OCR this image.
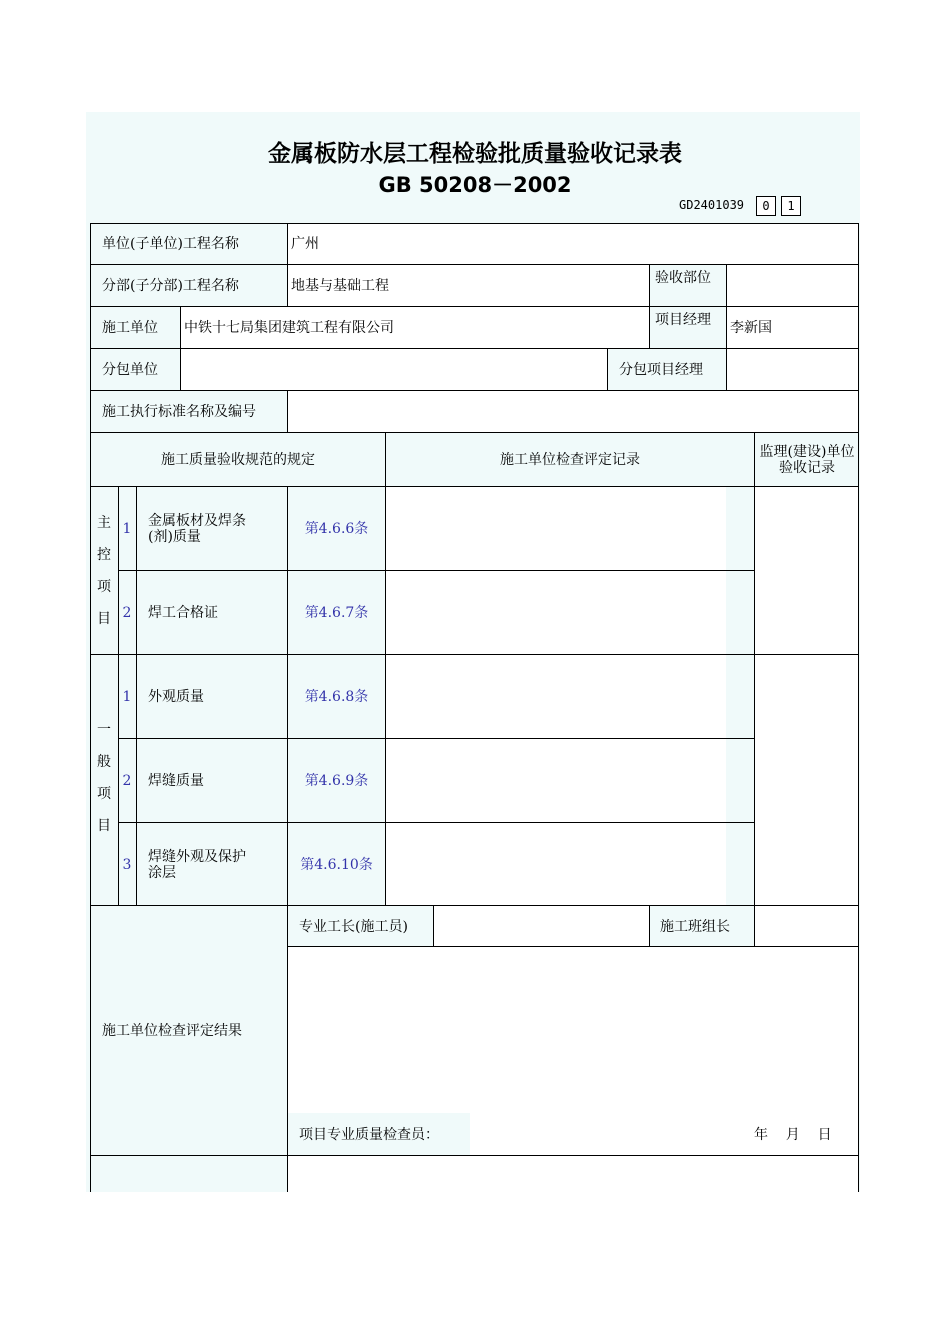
金属板防水层工程检验批质量验收记录表
GB 50208－2002
GD2401039	0	1
单位(子单位)工程名称	广州
分部(子分部)工程名称	地基与基础工程	验收部位
施工单位 中铁十七局集团建筑工程有限公司	项目经理 李新国
分包单位	分包项目经理
施工执行标准名称及编号
施工质量验收规范的规定	施工单位检查评定记录	监理(建设)单位验收记录
主
控
项
目
1	金属板材及焊条
(剂)质量	第4.6.6条
2	焊工合格证	第4.6.7条
一
般
项
目
1	外观质量	第4.6.8条
2	焊缝质量	第4.6.9条
3	焊缝外观及保护
涂层	第4.6.10条
施工单位检查评定结果
专业工长(施工员)	施工班组长
项目专业质量检查员：	年    月    日
